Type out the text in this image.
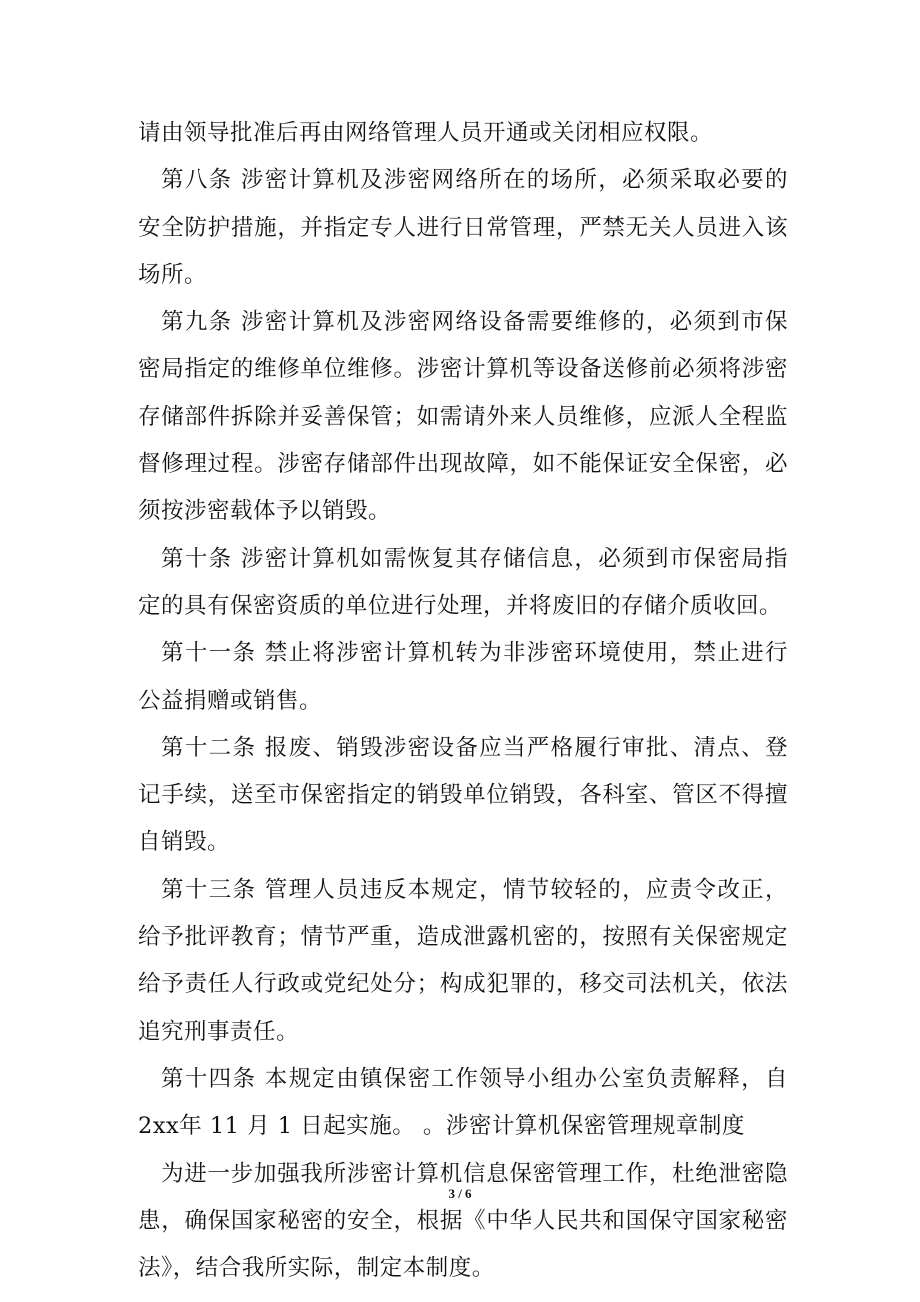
请由领导批准后再由网络管理人员开通或关闭相应权限。

第八条 涉密计算机及涉密网络所在的场所，必须采取必要的安全防护措施，并指定专人进行日常管理，严禁无关人员进入该场所。

第九条 涉密计算机及涉密网络设备需要维修的，必须到市保密局指定的维修单位维修。涉密计算机等设备送修前必须将涉密存储部件拆除并妥善保管；如需请外来人员维修，应派人全程监督修理过程。涉密存储部件出现故障，如不能保证安全保密，必须按涉密载体予以销毁。

第十条 涉密计算机如需恢复其存储信息，必须到市保密局指定的具有保密资质的单位进行处理，并将废旧的存储介质收回。

第十一条 禁止将涉密计算机转为非涉密环境使用，禁止进行公益捐赠或销售。

第十二条 报废、销毁涉密设备应当严格履行审批、清点、登记手续，送至市保密指定的销毁单位销毁，各科室、管区不得擅自销毁。

第十三条 管理人员违反本规定，情节较轻的，应责令改正，给予批评教育；情节严重，造成泄露机密的，按照有关保密规定给予责任人行政或党纪处分；构成犯罪的，移交司法机关，依法追究刑事责任。

第十四条 本规定由镇保密工作领导小组办公室负责解释，自 2xx年 11 月 1 日起实施。 。涉密计算机保密管理规章制度

为进一步加强我所涉密计算机信息保密管理工作，杜绝泄密隐患，确保国家秘密的安全，根据《中华人民共和国保守国家秘密法》，结合我所实际，制定本制度。

3 / 6
